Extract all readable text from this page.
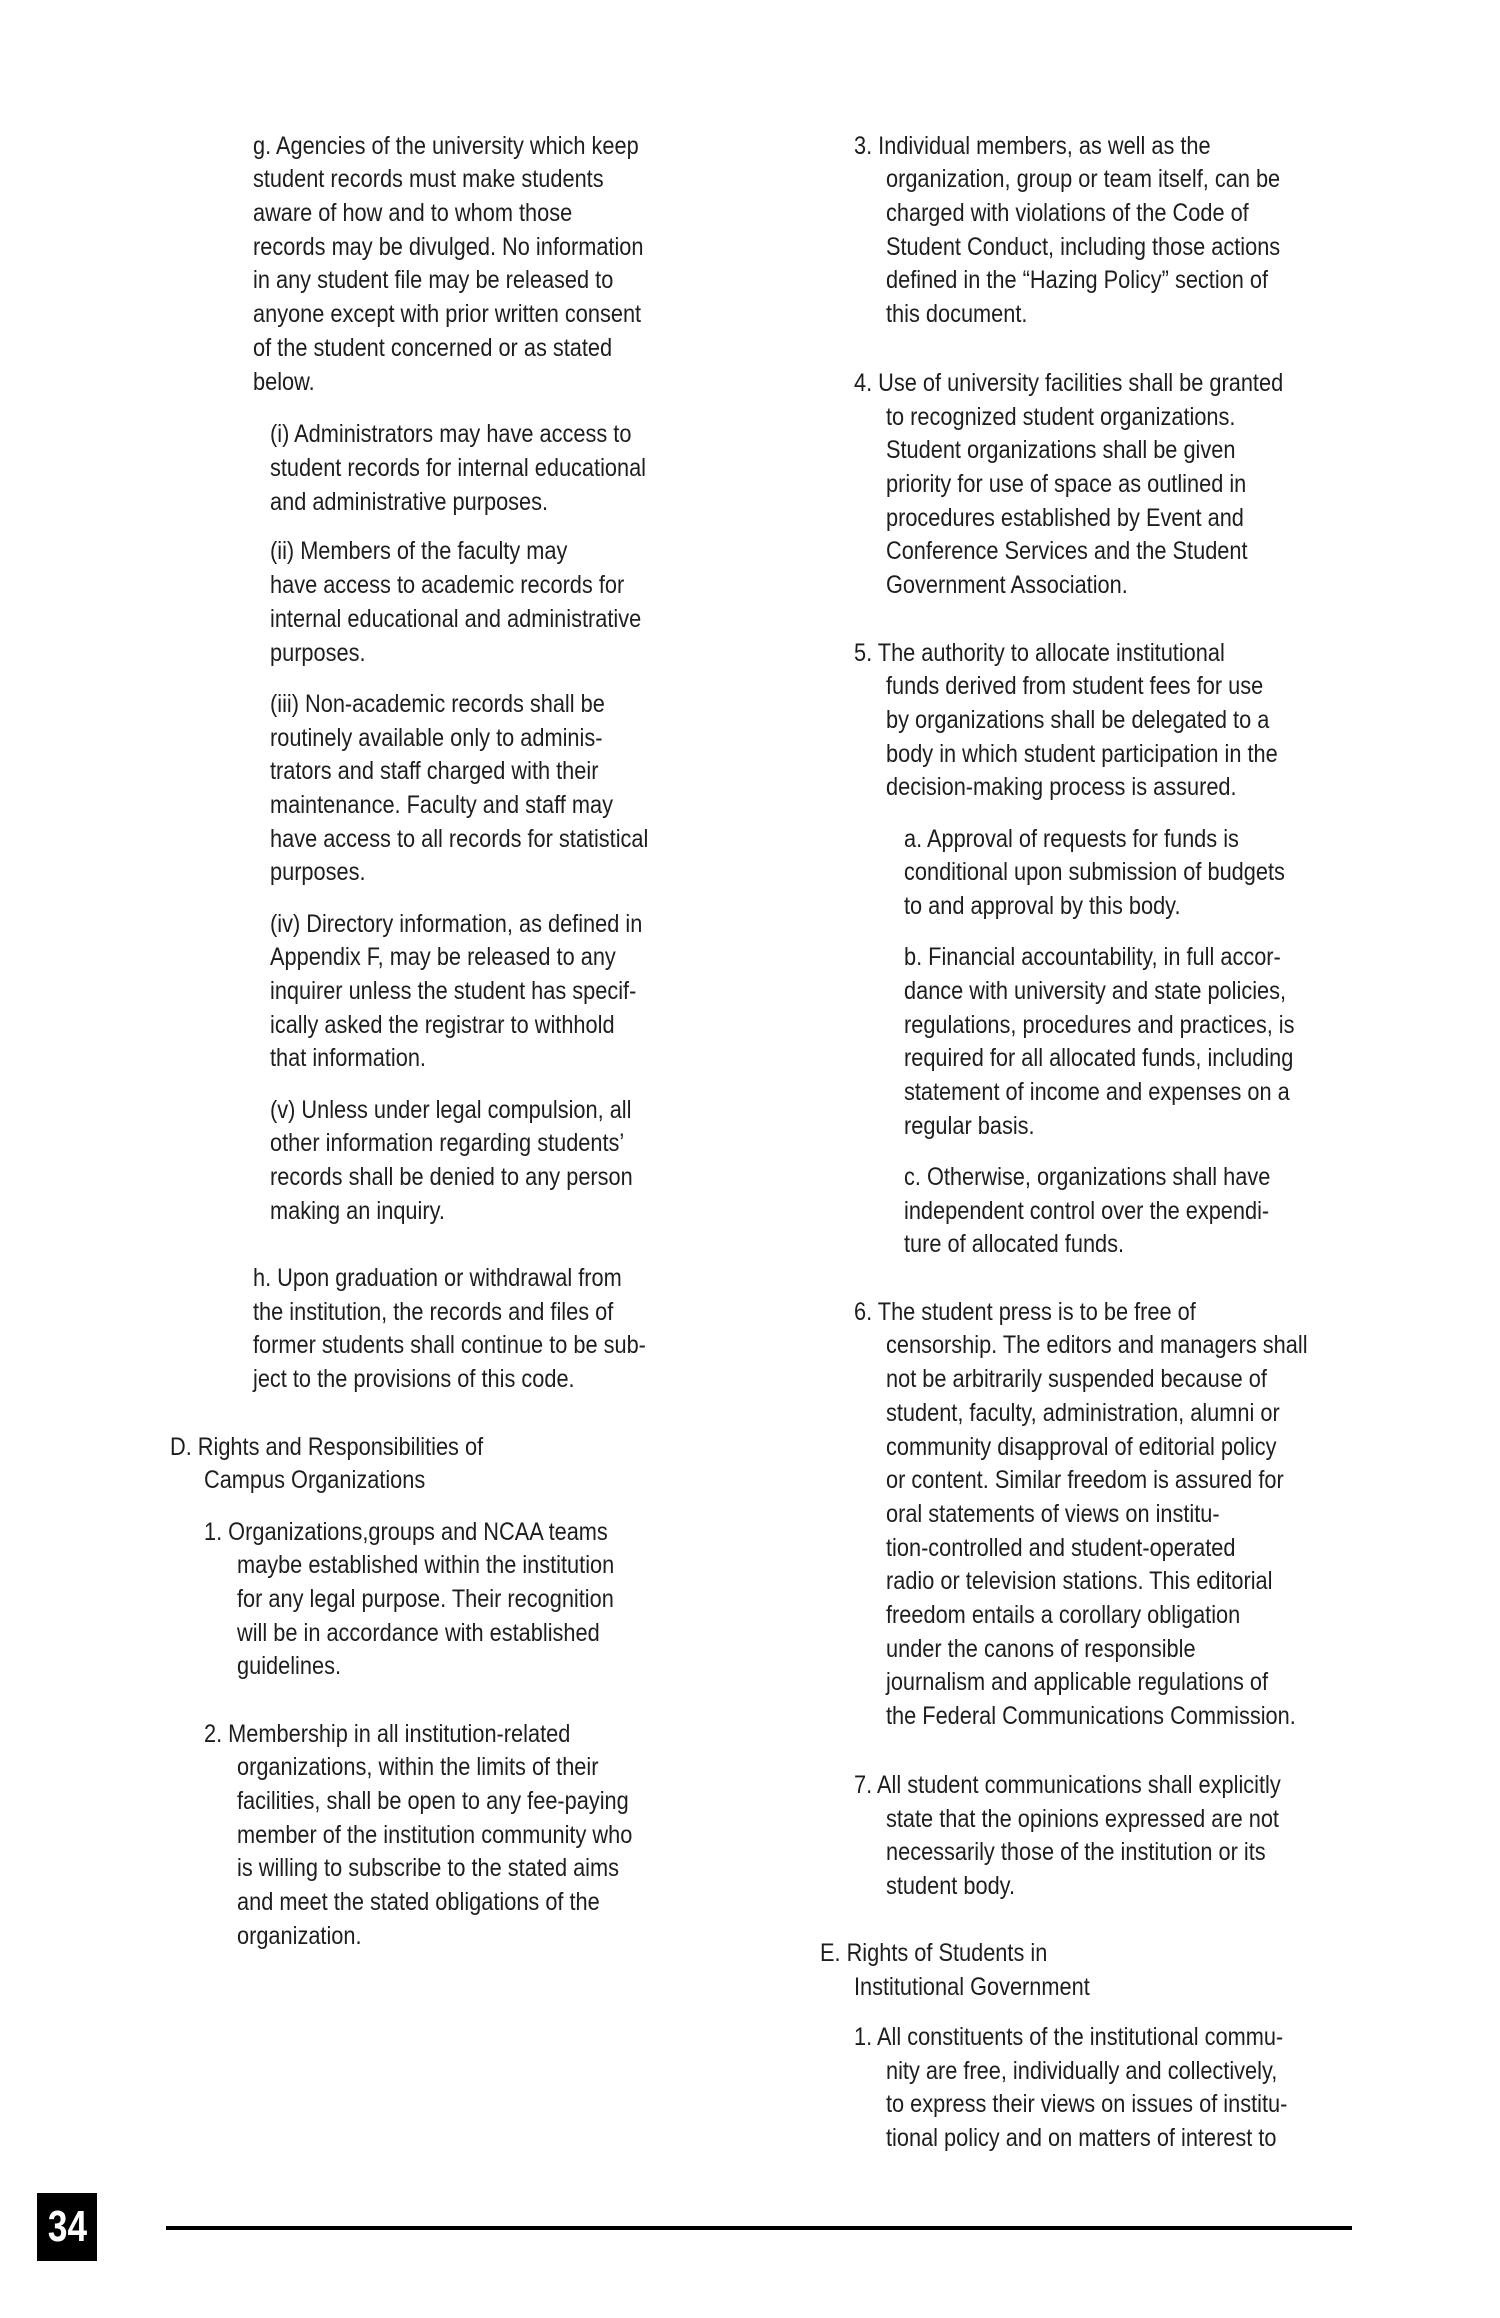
g. Agencies of the university which keep
student records must make students
aware of how and to whom those
records may be divulged. No information
in any student file may be released to
anyone except with prior written consent
of the student concerned or as stated
below.
(i) Administrators may have access to
student records for internal educational
and administrative purposes.
(ii) Members of the faculty may
have access to academic records for
internal educational and administrative
purposes.
(iii) Non-academic records shall be
routinely available only to adminis-
trators and staff charged with their
maintenance. Faculty and staff may
have access to all records for statistical
purposes.
(iv) Directory information, as defined in
Appendix F, may be released to any
inquirer unless the student has specif-
ically asked the registrar to withhold
that information.
(v) Unless under legal compulsion, all
other information regarding students’
records shall be denied to any person
making an inquiry.
h. Upon graduation or withdrawal from
the institution, the records and files of
former students shall continue to be sub-
ject to the provisions of this code.
D. Rights and Responsibilities of
Campus Organizations
1. Organizations,groups and NCAA teams
maybe established within the institution
for any legal purpose. Their recognition
will be in accordance with established
guidelines.
2. Membership in all institution-related
organizations, within the limits of their
facilities, shall be open to any fee-paying
member of the institution community who
is willing to subscribe to the stated aims
and meet the stated obligations of the
organization.
3. Individual members, as well as the
organization, group or team itself, can be
charged with violations of the Code of
Student Conduct, including those actions
defined in the “Hazing Policy” section of
this document.
4. Use of university facilities shall be granted
to recognized student organizations.
Student organizations shall be given
priority for use of space as outlined in
procedures established by Event and
Conference Services and the Student
Government Association.
5. The authority to allocate institutional
funds derived from student fees for use
by organizations shall be delegated to a
body in which student participation in the
decision-making process is assured.
a. Approval of requests for funds is
conditional upon submission of budgets
to and approval by this body.
b. Financial accountability, in full accor-
dance with university and state policies,
regulations, procedures and practices, is
required for all allocated funds, including
statement of income and expenses on a
regular basis.
c. Otherwise, organizations shall have
independent control over the expendi-
ture of allocated funds.
6. The student press is to be free of
censorship. The editors and managers shall
not be arbitrarily suspended because of
student, faculty, administration, alumni or
community disapproval of editorial policy
or content. Similar freedom is assured for
oral statements of views on institu-
tion-controlled and student-operated
radio or television stations. This editorial
freedom entails a corollary obligation
under the canons of responsible
journalism and applicable regulations of
the Federal Communications Commission.
7. All student communications shall explicitly
state that the opinions expressed are not
necessarily those of the institution or its
student body.
E. Rights of Students in
Institutional Government
1. All constituents of the institutional commu-
nity are free, individually and collectively,
to express their views on issues of institu-
tional policy and on matters of interest to
34
